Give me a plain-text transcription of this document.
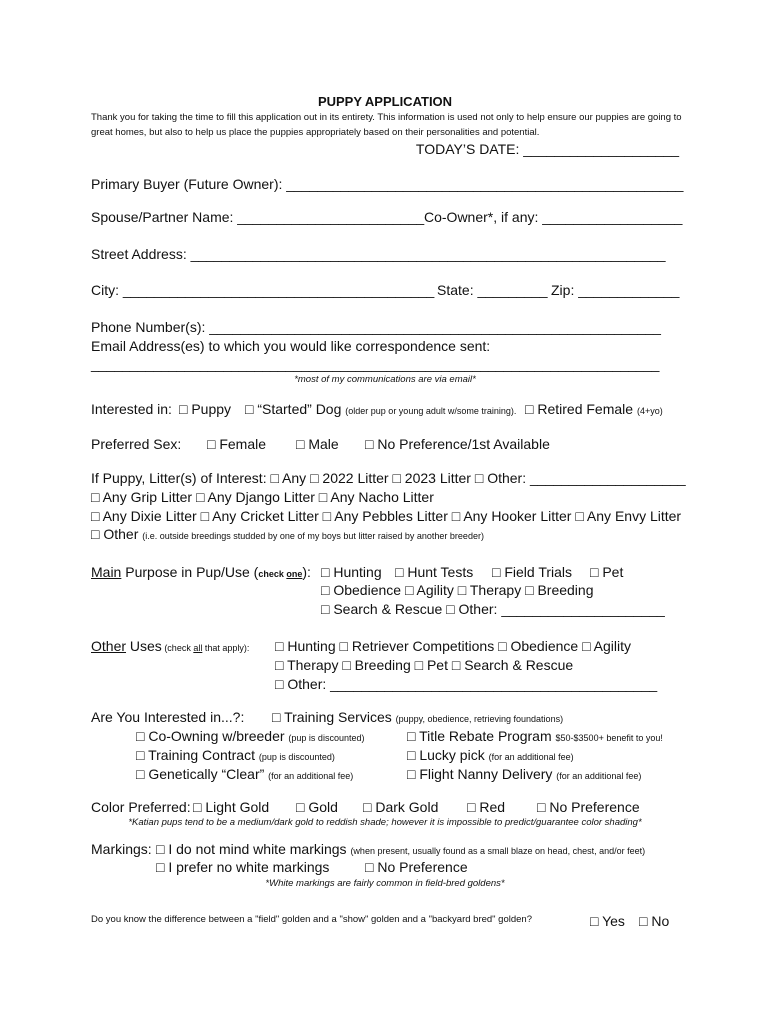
PUPPY APPLICATION
Thank you for taking the time to fill this application out in its entirety. This information is used not only to help ensure our puppies are going to great homes, but also to help us place the puppies appropriately based on their personalities and potential.
TODAY’S DATE: ____________________
Primary Buyer (Future Owner): ___________________________________________________
Spouse/Partner Name: ________________________ Co-Owner*, if any: __________________
Street Address: _____________________________________________________________
City: ________________________________________ State: _________ Zip: _____________
Phone Number(s): __________________________________________________________
Email Address(es) to which you would like correspondence sent:
_________________________________________________________________________
*most of my communications are via email*
Interested in: □ Puppy □ “Started” Dog (older pup or young adult w/some training). □ Retired Female (4+yo)
Preferred Sex: □ Female □ Male □ No Preference/1st Available
If Puppy, Litter(s) of Interest: □ Any □ 2022 Litter □ 2023 Litter □ Other: ____________________
□ Any Grip Litter □ Any Django Litter □ Any Nacho Litter
□ Any Dixie Litter □ Any Cricket Litter □ Any Pebbles Litter □ Any Hooker Litter □ Any Envy Litter
□ Other (i.e. outside breedings studded by one of my boys but litter raised by another breeder)
Main Purpose in Pup/Use (check one): □ Hunting □ Hunt Tests □ Field Trials □ Pet
□ Obedience □ Agility □ Therapy □ Breeding
□ Search & Rescue □ Other: _____________________
Other Uses (check all that apply): □ Hunting □ Retriever Competitions □ Obedience □ Agility
□ Therapy □ Breeding □ Pet □ Search & Rescue
□ Other: __________________________________________
Are You Interested in...?: □ Training Services (puppy, obedience, retrieving foundations)
□ Co-Owning w/breeder (pup is discounted)	□ Title Rebate Program $50-$3500+ benefit to you!
□ Training Contract (pup is discounted)	□ Lucky pick (for an additional fee)
□ Genetically “Clear” (for an additional fee)	□ Flight Nanny Delivery (for an additional fee)
Color Preferred: □ Light Gold □ Gold □ Dark Gold □ Red □ No Preference
*Katian pups tend to be a medium/dark gold to reddish shade; however it is impossible to predict/guarantee color shading*
Markings: □ I do not mind white markings (when present, usually found as a small blaze on head, chest, and/or feet)
□ I prefer no white markings	□ No Preference
*White markings are fairly common in field-bred goldens*
Do you know the difference between a "field" golden and a "show" golden and a "backyard bred" golden?	□ Yes □ No
